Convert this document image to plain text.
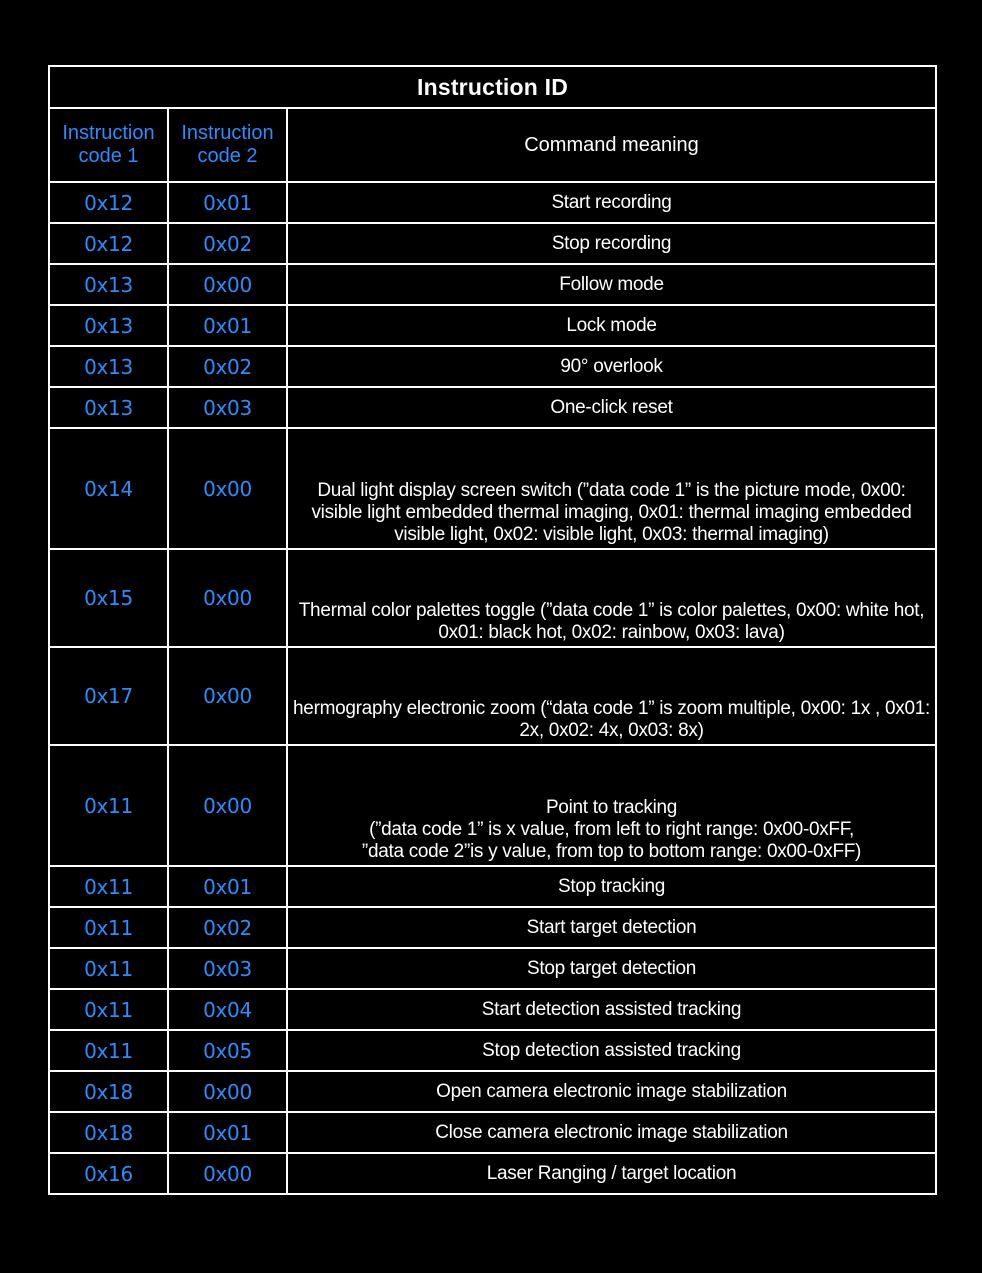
Instruction ID		
Instruction code 1	Instruction code 2	Command meaning
0x12	0x01	Start recording
0x12	0x02	Stop recording
0x13	0x00	Follow mode
0x13	0x01	Lock mode
0x13	0x02	90° overlook
0x13	0x03	One-click reset
0x14	0x00	Dual light display screen switch (”data code 1” is the picture mode, 0x00: visible light embedded thermal imaging, 0x01: thermal imaging embedded visible light, 0x02: visible light, 0x03: thermal imaging)
0x15	0x00	Thermal color palettes toggle (”data code 1” is color palettes, 0x00: white hot, 0x01: black hot, 0x02: rainbow, 0x03: lava)
0x17	0x00	hermography electronic zoom (“data code 1” is zoom multiple, 0x00: 1x , 0x01: 2x, 0x02: 4x, 0x03: 8x)
0x11	0x00	Point to tracking
(”data code 1” is x value, from left to right range: 0x00-0xFF,
”data code 2”is y value, from top to bottom range: 0x00-0xFF)

0x11	0x01	Stop tracking
0x11	0x02	Start target detection
0x11	0x03	Stop target detection
0x11	0x04	Start detection assisted tracking
0x11	0x05	Stop detection assisted tracking
0x18	0x00	Open camera electronic image stabilization
0x18	0x01	Close camera electronic image stabilization
0x16	0x00	Laser Ranging / target location
